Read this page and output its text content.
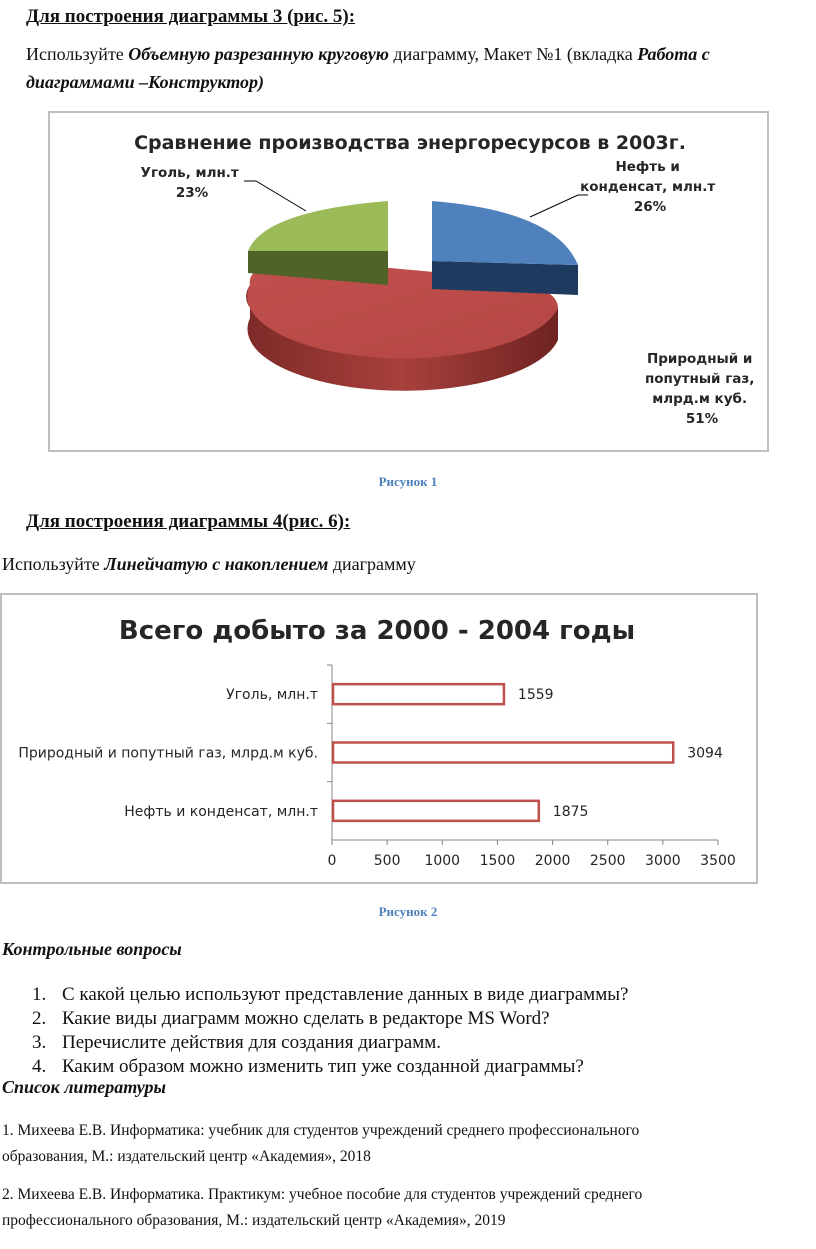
Для построения диаграммы 3 (рис. 5):
Используйте Объемную разрезанную круговую диаграмму, Макет №1 (вкладка Работа с диаграммами –Конструктор)
Сравнение производства энергоресурсов в 2003г.
Уголь, млн.т 23%
Нефть и конденсат, млн.т 26%
Природный и попутный газ, млрд.м куб. 51%
Рисунок 1
Для построения диаграммы 4(рис. 6):
Используйте Линейчатую с накоплением диаграмму
Всего добыто за 2000 - 2004 годы
Уголь, млн.т	1559
Природный и попутный газ, млрд.м куб.	3094
Нефть и конденсат, млн.т	1875
0	500 1000 1500 2000 2500 3000 3500
Рисунок 2
Контрольные вопросы
1. С какой целью используют представление данных в виде диаграммы?
2. Какие виды диаграмм можно сделать в редакторе MS Word?
3. Перечислите действия для создания диаграмм.
4. Каким образом можно изменить тип уже созданной диаграммы?
Список литературы
1. Михеева Е.В. Информатика: учебник для студентов учреждений среднего профессионального
образования, М.: издательский центр «Академия», 2018
2. Михеева Е.В. Информатика. Практикум: учебное пособие для студентов учреждений среднего
профессионального образования, М.: издательский центр «Академия», 2019
